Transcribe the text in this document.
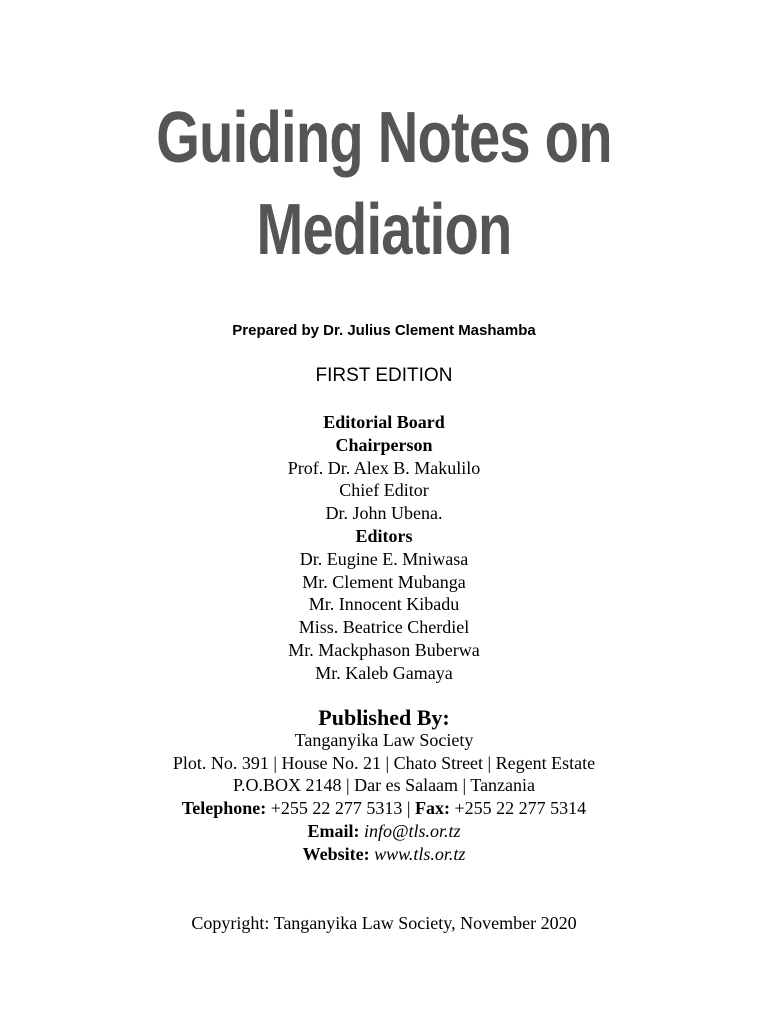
Guiding Notes on
Mediation
Prepared by Dr. Julius Clement Mashamba
FIRST EDITION
Editorial Board
Chairperson
Prof. Dr. Alex B. Makulilo
Chief Editor
Dr. John Ubena.
Editors
Dr. Eugine E. Mniwasa
Mr. Clement Mubanga
Mr. Innocent Kibadu
Miss. Beatrice Cherdiel
Mr. Mackphason Buberwa
Mr. Kaleb Gamaya
Published By:
Tanganyika Law Society
Plot. No. 391 | House No. 21 | Chato Street | Regent Estate
P.O.BOX 2148 | Dar es Salaam | Tanzania
Telephone: +255 22 277 5313 | Fax: +255 22 277 5314
Email: info@tls.or.tz
Website: www.tls.or.tz
Copyright: Tanganyika Law Society, November 2020
